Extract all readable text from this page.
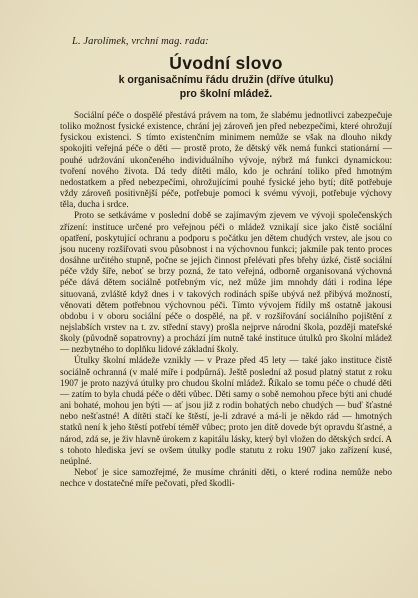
L. Jarolímek, vrchní mag. rada:
Úvodní slovo
k organisačnímu řádu družin (dříve útulku)
pro školní mládež.

Sociální péče o dospělé přestává právem na tom, že slabému jednotlivci zabezpečuje toliko možnost fysické existence, chrání jej zároveň jen před nebezpečími, které ohrožují fysickou existenci. S tímto existenčním minimem nemůže se však na dlouho nikdy spokojiti veřejná péče o děti — prostě proto, že dětský věk nemá funkci stationární — pouhé udržování ukončeného individuálního vývoje, nýbrž má funkci dynamickou: tvoření nového života. Dá tedy dítěti málo, kdo je ochrání toliko před hmotným nedostatkem a před nebezpečími, ohrožujícími pouhé fysické jeho bytí; dítě potřebuje vždy zároveň positivnější péče, potřebuje pomoci k svému vývoji, potřebuje výchovy těla, ducha i srdce.

Proto se setkáváme v poslední době se zajímavým zjevem ve vývoji společenských zřízení: instituce určené pro veřejnou péči o mládež vznikají sice jako čistě sociální opatření, poskytující ochranu a podporu s počátku jen dětem chudých vrstev, ale jsou co jsou nuceny rozšiřovati svou působnost i na výchovnou funkci; jakmile pak tento proces dosáhne určitého stupně, počne se jejich činnost přelévati přes břehy úzké, čistě sociální péče vždy šíře, neboť se brzy pozná, že tato veřejná, odborně organisovaná výchovná péče dává dětem sociálně potřebným víc, než může jim mnohdy dáti i rodina lépe situovaná, zvláště když dnes i v takových rodinách spíše ubývá než přibývá možností, věnovati dětem potřebnou výchovnou péči. Tímto vývojem řídily mš ostatně jakousi obdobu i v oboru sociální péče o dospělé, na př. v rozšiřování sociálního pojištění z nejslabších vrstev na t. zv. střední stavy) prošla nejprve národní škola, později mateřské školy (původně sopatrovny) a prochází jím nutně také instituce útulků pro školní mládež — nezbytného to doplňku lidové základní školy.

Útulky školní mládeže vznikly — v Praze před 45 lety — také jako instituce čistě sociálně ochranná (v malé míře i podpůrná). Ještě poslední až posud platný statut z roku 1907 je proto nazývá útulky pro chudou školní mládež. Říkalo se tomu péče o chudé děti — zatím to byla chudá péče o děti vůbec. Děti samy o sobě nemohou přece býti ani chudé ani bohaté, mohou jen býti — ať jsou již z rodin bohatých nebo chudých — buď šťastné nebo nešťastné! A dítěti stačí ke štěstí, je-li zdravé a má-li je někdo rád — hmotných statků není k jeho štěstí potřebí téměř vůbec; proto jen dítě dovede být opravdu šťastné, a národ, zdá se, je živ hlavně úrokem z kapitálu lásky, který byl vložen do dětských srdcí. A s tohoto hlediska jeví se ovšem útulky podle statutu z roku 1907 jako zařízení kusé, neúplné.

Neboť je sice samozřejmé, že musíme chrániti děti, o které rodina nemůže nebo nechce v dostatečné míře pečovati, před škodli-
